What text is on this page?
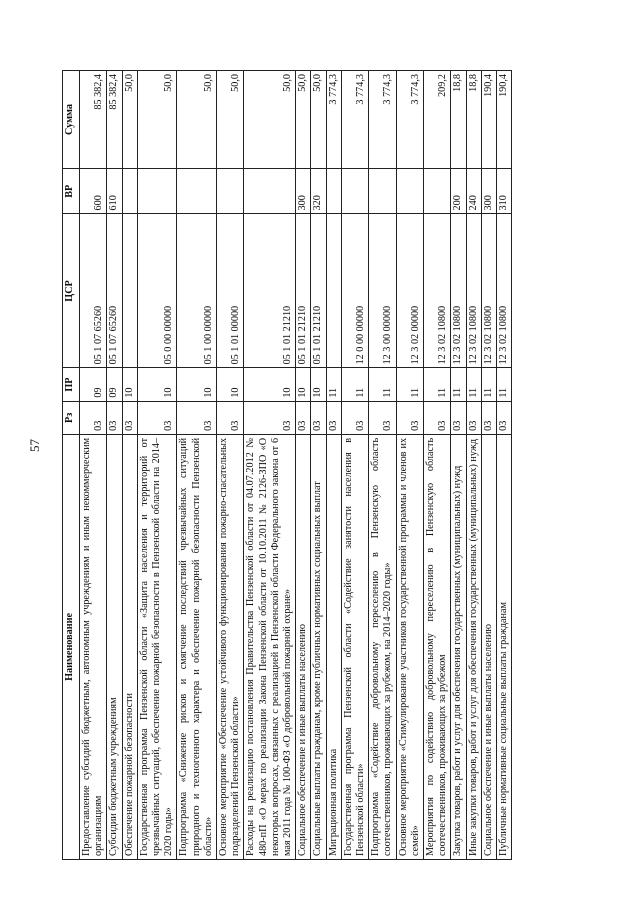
57
Наименование	Рз	ПР	ЦСР	ВР	Сумма
Предоставление субсидий бюджетным, автономным учреждениям и иным некоммерческим организациям	03	09	05 1 07 65260	600	85 382,4
Субсидии бюджетным учреждениям	03	09	05 1 07 65260	610	85 382,4
Обеспечение пожарной безопасности	03	10			50,0
Государственная программа Пензенской области «Защита населения и территорий от чрезвычайных ситуаций, обеспечение пожарной безопасности в Пензенской области на 2014–2020 годы»	03	10	05 0 00 00000		50,0
Подпрограмма «Снижение рисков и смягчение последствий чрезвычайных ситуаций природного и техногенного характера и обеспечение пожарной безопасности Пензенской области»	03	10	05 1 00 00000		50,0
Основное мероприятие «Обеспечение устойчивого функционирования пожарно-спасательных подразделений Пензенской области»	03	10	05 1 01 00000		50,0
Расходы на реализацию постановления Правительства Пензенской области от 04.07.2012 № 480-пП «О мерах по реализации Закона Пензенской области от 10.10.2011 № 2126-ЗПО «О некоторых вопросах, связанных с реализацией в Пензенской области Федерального закона от 6 мая 2011 года № 100-ФЗ «О добровольной пожарной охране»	03	10	05 1 01 21210		50,0
Социальное обеспечение и иные выплаты населению	03	10	05 1 01 21210	300	50,0
Социальные выплаты гражданам, кроме публичных нормативных социальных выплат	03	10	05 1 01 21210	320	50,0
Миграционная политика	03	11			3 774,3
Государственная программа Пензенской области «Содействие занятости населения в Пензенской области»	03	11	12 0 00 00000		3 774,3
Подпрограмма «Содействие добровольному переселению в Пензенскую область соотечественников, проживающих за рубежом, на 2014–2020 годы»	03	11	12 3 00 00000		3 774,3
Основное мероприятие «Стимулирование участников государственной программы и членов их семей»	03	11	12 3 02 00000		3 774,3
Мероприятия по содействию добровольному переселению в Пензенскую область соотечественников, проживающих за рубежом	03	11	12 3 02 10800		209,2
Закупка товаров, работ и услуг для обеспечения государственных (муниципальных) нужд	03	11	12 3 02 10800	200	18,8
Иные закупки товаров, работ и услуг для обеспечения государственных (муниципальных) нужд	03	11	12 3 02 10800	240	18,8
Социальное обеспечение и иные выплаты населению	03	11	12 3 02 10800	300	190,4
Публичные нормативные социальные выплаты гражданам	03	11	12 3 02 10800	310	190,4
